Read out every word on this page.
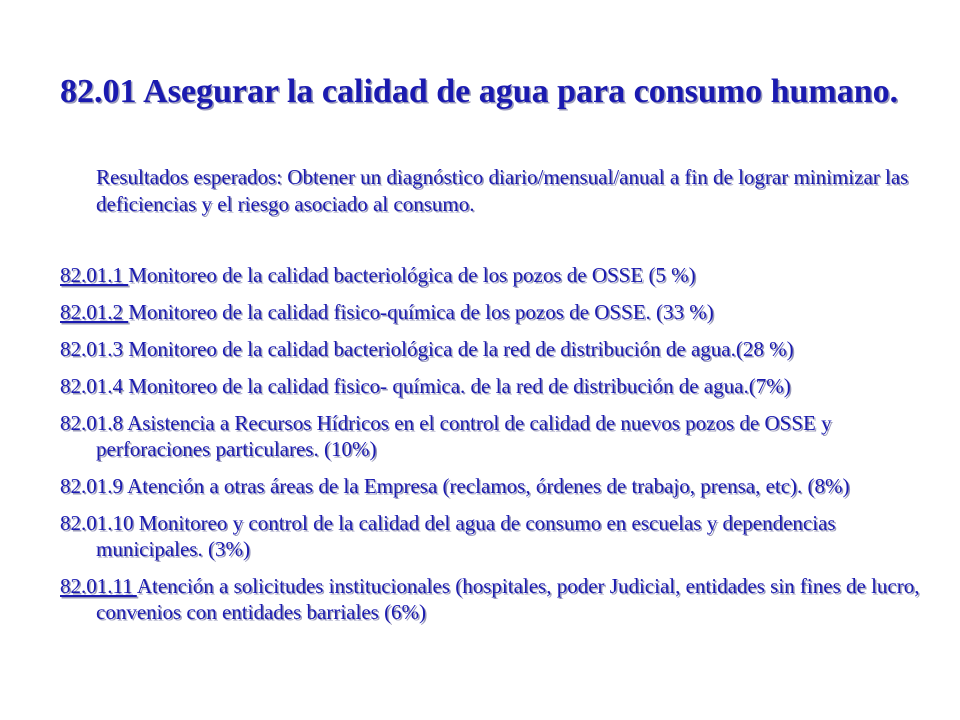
82.01 Asegurar la calidad de agua para consumo humano.
Resultados esperados: Obtener un diagnóstico diario/mensual/anual a fin de lograr minimizar las deficiencias y el riesgo asociado al consumo.
82.01.1 Monitoreo de la calidad bacteriológica de los pozos de OSSE (5 %)
82.01.2 Monitoreo de la calidad fisico-química de los pozos de OSSE. (33 %)
82.01.3 Monitoreo de la calidad bacteriológica de la red de distribución de agua.(28 %)
82.01.4 Monitoreo de la calidad fisico- química. de la red de distribución de agua.(7%)
82.01.8 Asistencia a Recursos Hídricos en el control de calidad de nuevos pozos de OSSE y perforaciones particulares. (10%)
82.01.9 Atención a otras áreas de la Empresa (reclamos, órdenes de trabajo, prensa, etc). (8%)
82.01.10 Monitoreo y control de la calidad del agua de consumo en escuelas y dependencias municipales. (3%)
82.01.11 Atención a solicitudes institucionales (hospitales, poder Judicial, entidades sin fines de lucro, convenios con entidades barriales (6%)
